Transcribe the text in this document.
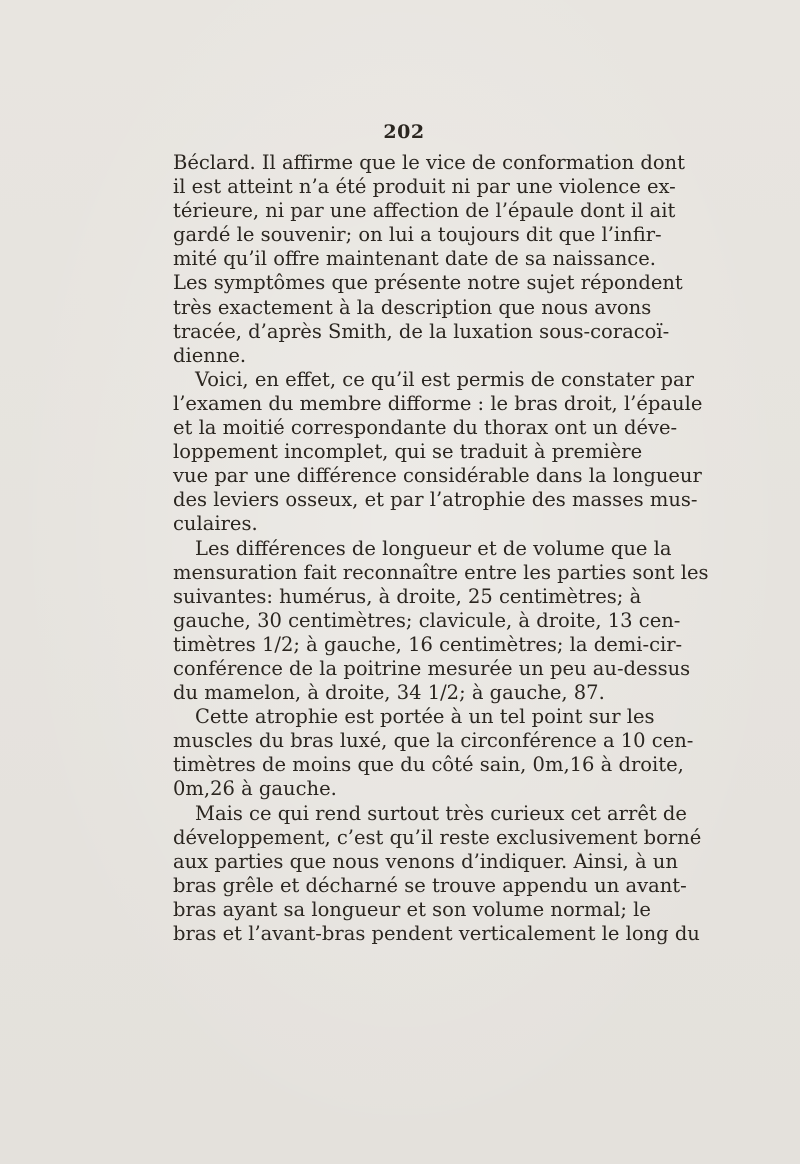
202
Béclard. Il affirme que le vice de conformation dont
il est atteint n’a été produit ni par une violence ex-
térieure, ni par une affection de l’épaule dont il ait
gardé le souvenir; on lui a toujours dit que l’infir-
mité qu’il offre maintenant date de sa naissance.
Les symptômes que présente notre sujet répondent
très exactement à la description que nous avons
tracée, d’après Smith, de la luxation sous-coracoï-
dienne.
Voici, en effet, ce qu’il est permis de constater par
l’examen du membre difforme : le bras droit, l’épaule
et la moitié correspondante du thorax ont un déve-
loppement incomplet, qui se traduit à première
vue par une différence considérable dans la longueur
des leviers osseux, et par l’atrophie des masses mus-
culaires.
Les différences de longueur et de volume que la
mensuration fait reconnaître entre les parties sont les
suivantes: humérus, à droite, 25 centimètres; à
gauche, 30 centimètres; clavicule, à droite, 13 cen-
timètres 1/2; à gauche, 16 centimètres; la demi-cir-
conférence de la poitrine mesurée un peu au-dessus
du mamelon, à droite, 34 1/2; à gauche, 87.
Cette atrophie est portée à un tel point sur les
muscles du bras luxé, que la circonférence a 10 cen-
timètres de moins que du côté sain, 0m,16 à droite,
0m,26 à gauche.
Mais ce qui rend surtout très curieux cet arrêt de
développement, c’est qu’il reste exclusivement borné
aux parties que nous venons d’indiquer. Ainsi, à un
bras grêle et décharné se trouve appendu un avant-
bras ayant sa longueur et son volume normal; le
bras et l’avant-bras pendent verticalement le long du
